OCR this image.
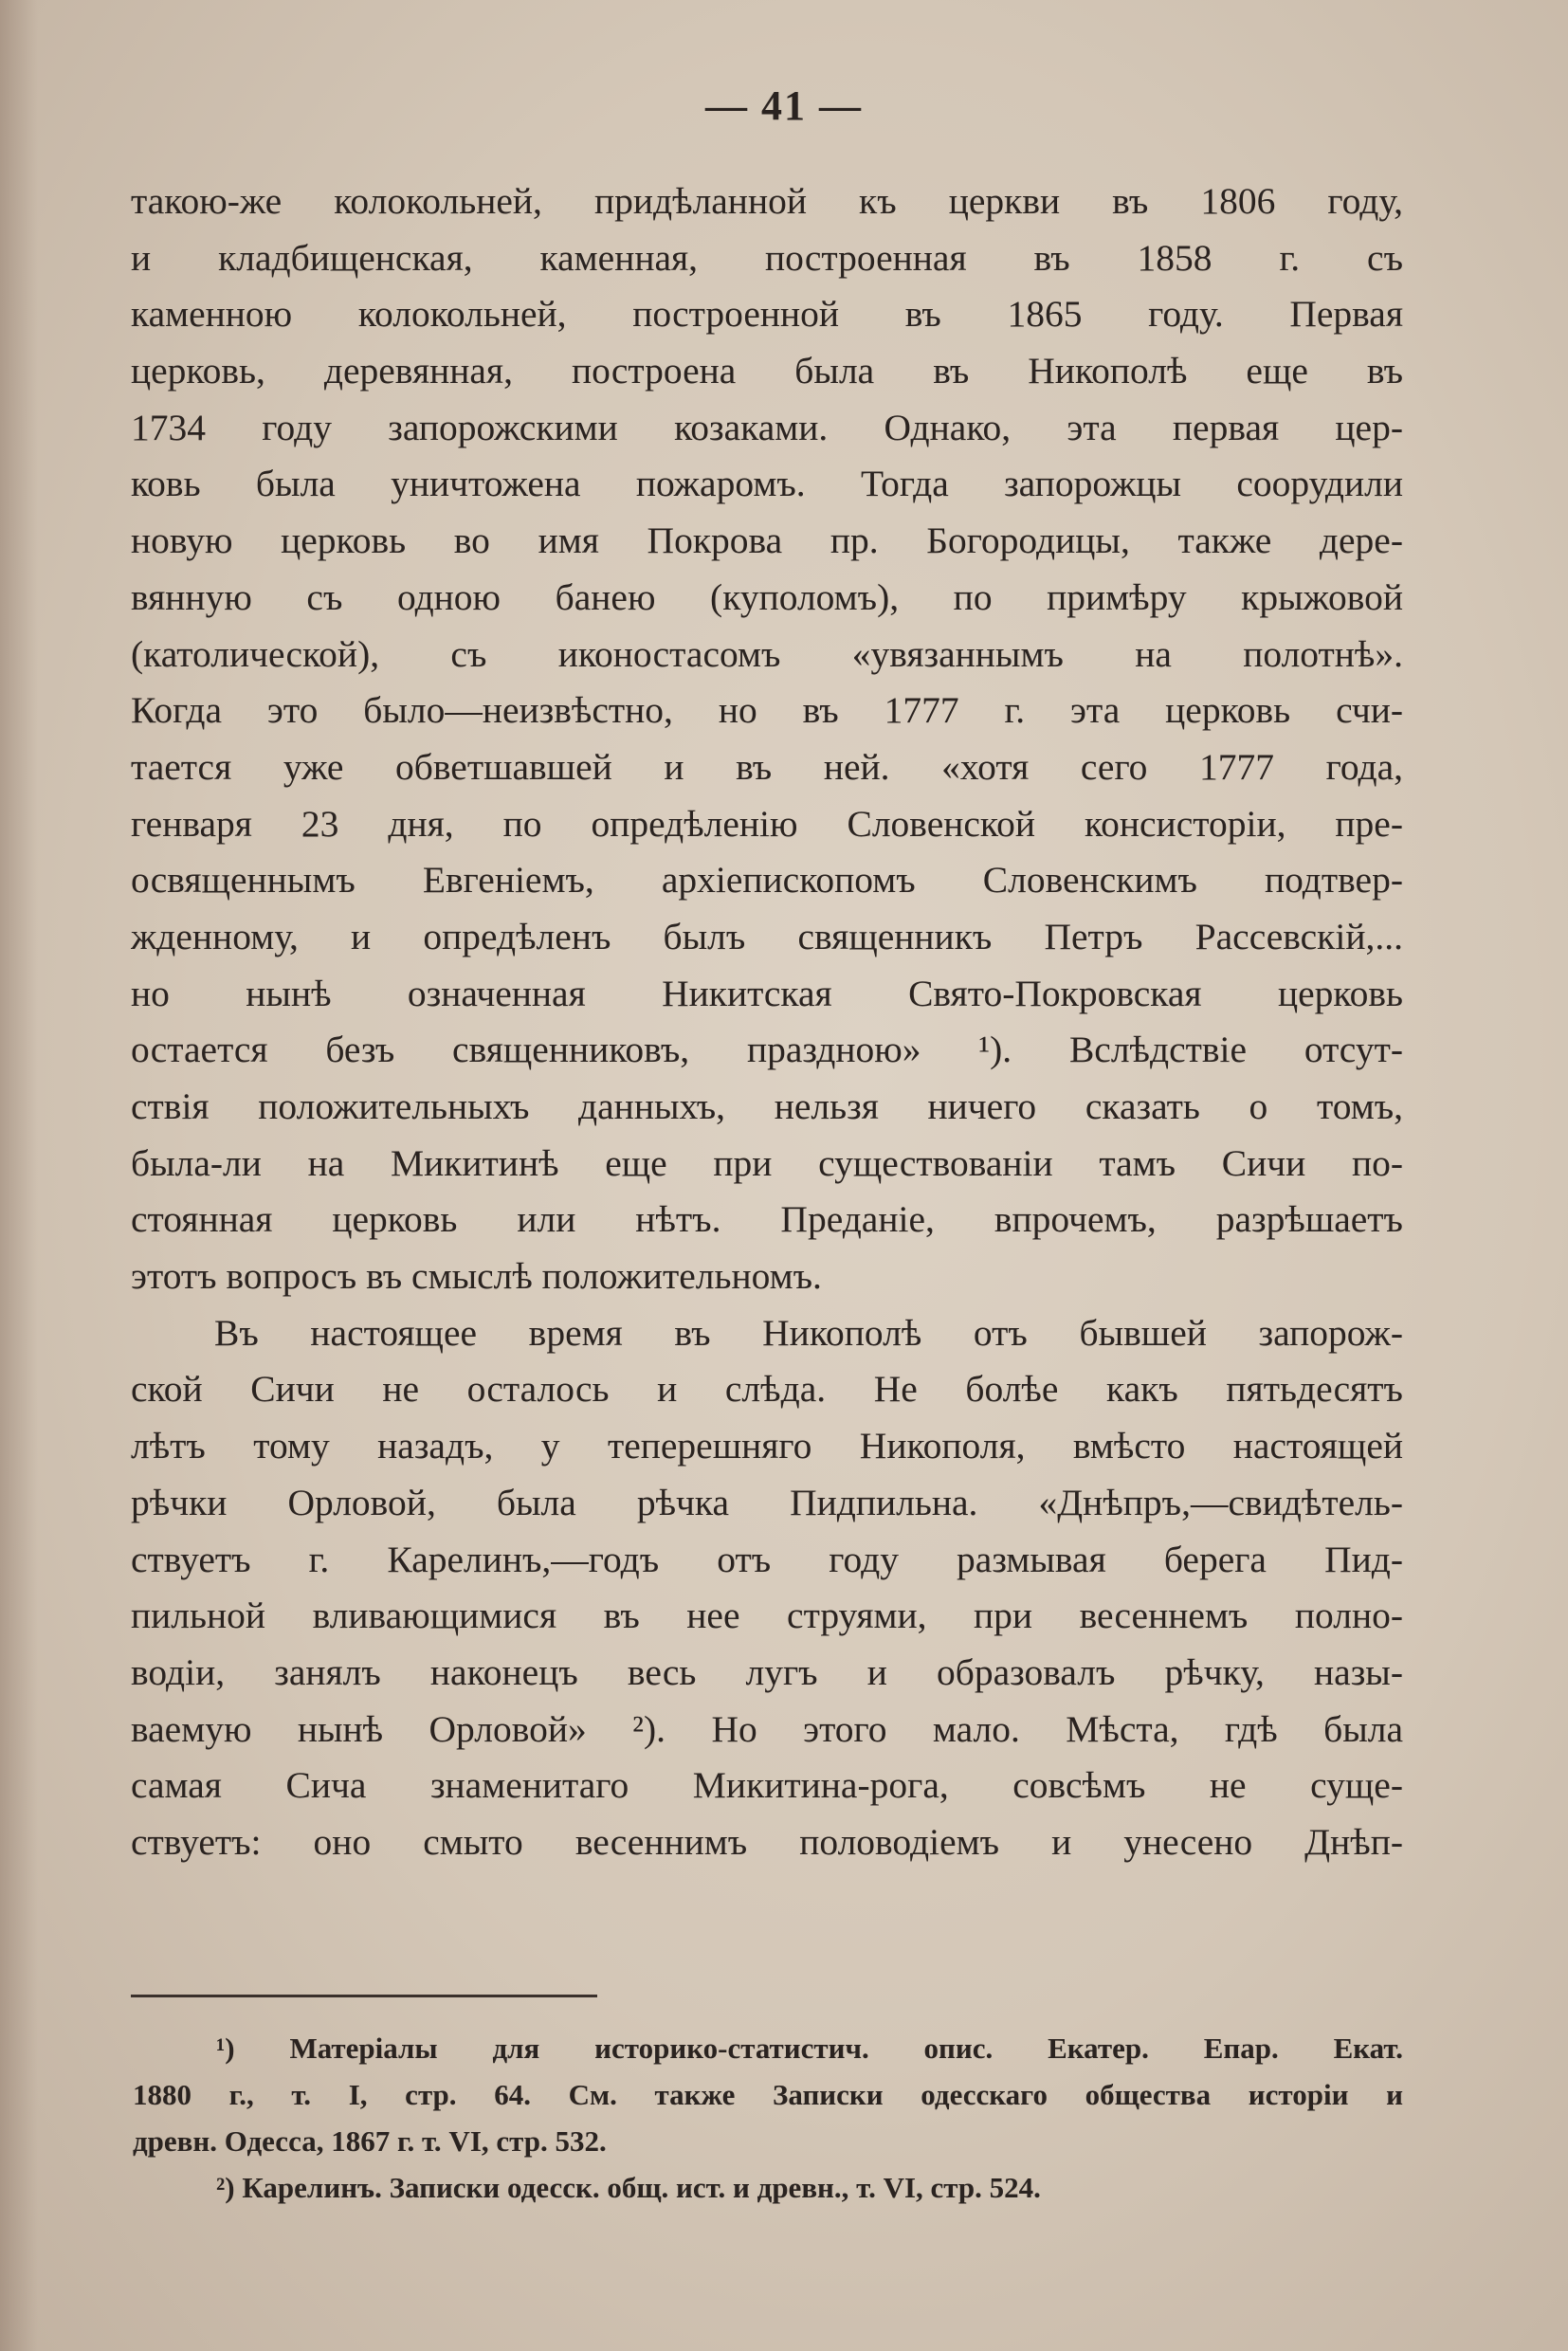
— 41 —
такою-же колокольней, придѣланной къ церкви въ 1806 году,
и кладбищенская, каменная, построенная въ 1858 г. съ
каменною колокольней, построенной въ 1865 году. Первая
церковь, деревянная, построена была въ Никополѣ еще въ
1734 году запорожскими козаками. Однако, эта первая цер-
ковь была уничтожена пожаромъ. Тогда запорожцы соорудили
новую церковь во имя Покрова пр. Богородицы, также дере-
вянную съ одною банею (куполомъ), по примѣру крыжовой
(католической), съ иконостасомъ «увязаннымъ на полотнѣ».
Когда это было—неизвѣстно, но въ 1777 г. эта церковь счи-
тается уже обветшавшей и въ ней. «хотя сего 1777 года,
генваря 23 дня, по опредѣленію Словенской консисторіи, пре-
освященнымъ Евгеніемъ, архіепископомъ Словенскимъ подтвер-
жденному, и опредѣленъ былъ священникъ Петръ Рассевскій,...
но нынѣ означенная Никитская Свято-Покровская церковь
остается безъ священниковъ, праздною» ¹). Вслѣдствіе отсут-
ствія положительныхъ данныхъ, нельзя ничего сказать о томъ,
была-ли на Микитинѣ еще при существованіи тамъ Сичи по-
стоянная церковь или нѣтъ. Преданіе, впрочемъ, разрѣшаетъ
этотъ вопросъ въ смыслѣ положительномъ.
Въ настоящее время въ Никополѣ отъ бывшей запорож-
ской Сичи не осталось и слѣда. Не болѣе какъ пятьдесятъ
лѣтъ тому назадъ, у теперешняго Никополя, вмѣсто настоящей
рѣчки Орловой, была рѣчка Пидпильна. «Днѣпръ,—свидѣтель-
ствуетъ г. Карелинъ,—годъ отъ году размывая берега Пид-
пильной вливающимися въ нее струями, при весеннемъ полно-
водіи, занялъ наконецъ весь лугъ и образовалъ рѣчку, назы-
ваемую нынѣ Орловой» ²). Но этого мало. Мѣста, гдѣ была
самая Сича знаменитаго Микитина-рога, совсѣмъ не суще-
ствуетъ: оно смыто весеннимъ половодіемъ и унесено Днѣп-
¹) Матеріалы для историко-статистич. опис. Екатер. Епар. Екат.
1880 г., т. I, стр. 64. См. также Записки одесскаго общества исторіи и
древн. Одесса, 1867 г. т. VI, стр. 532.
²) Карелинъ. Записки одесск. общ. ист. и древн., т. VI, стр. 524.
